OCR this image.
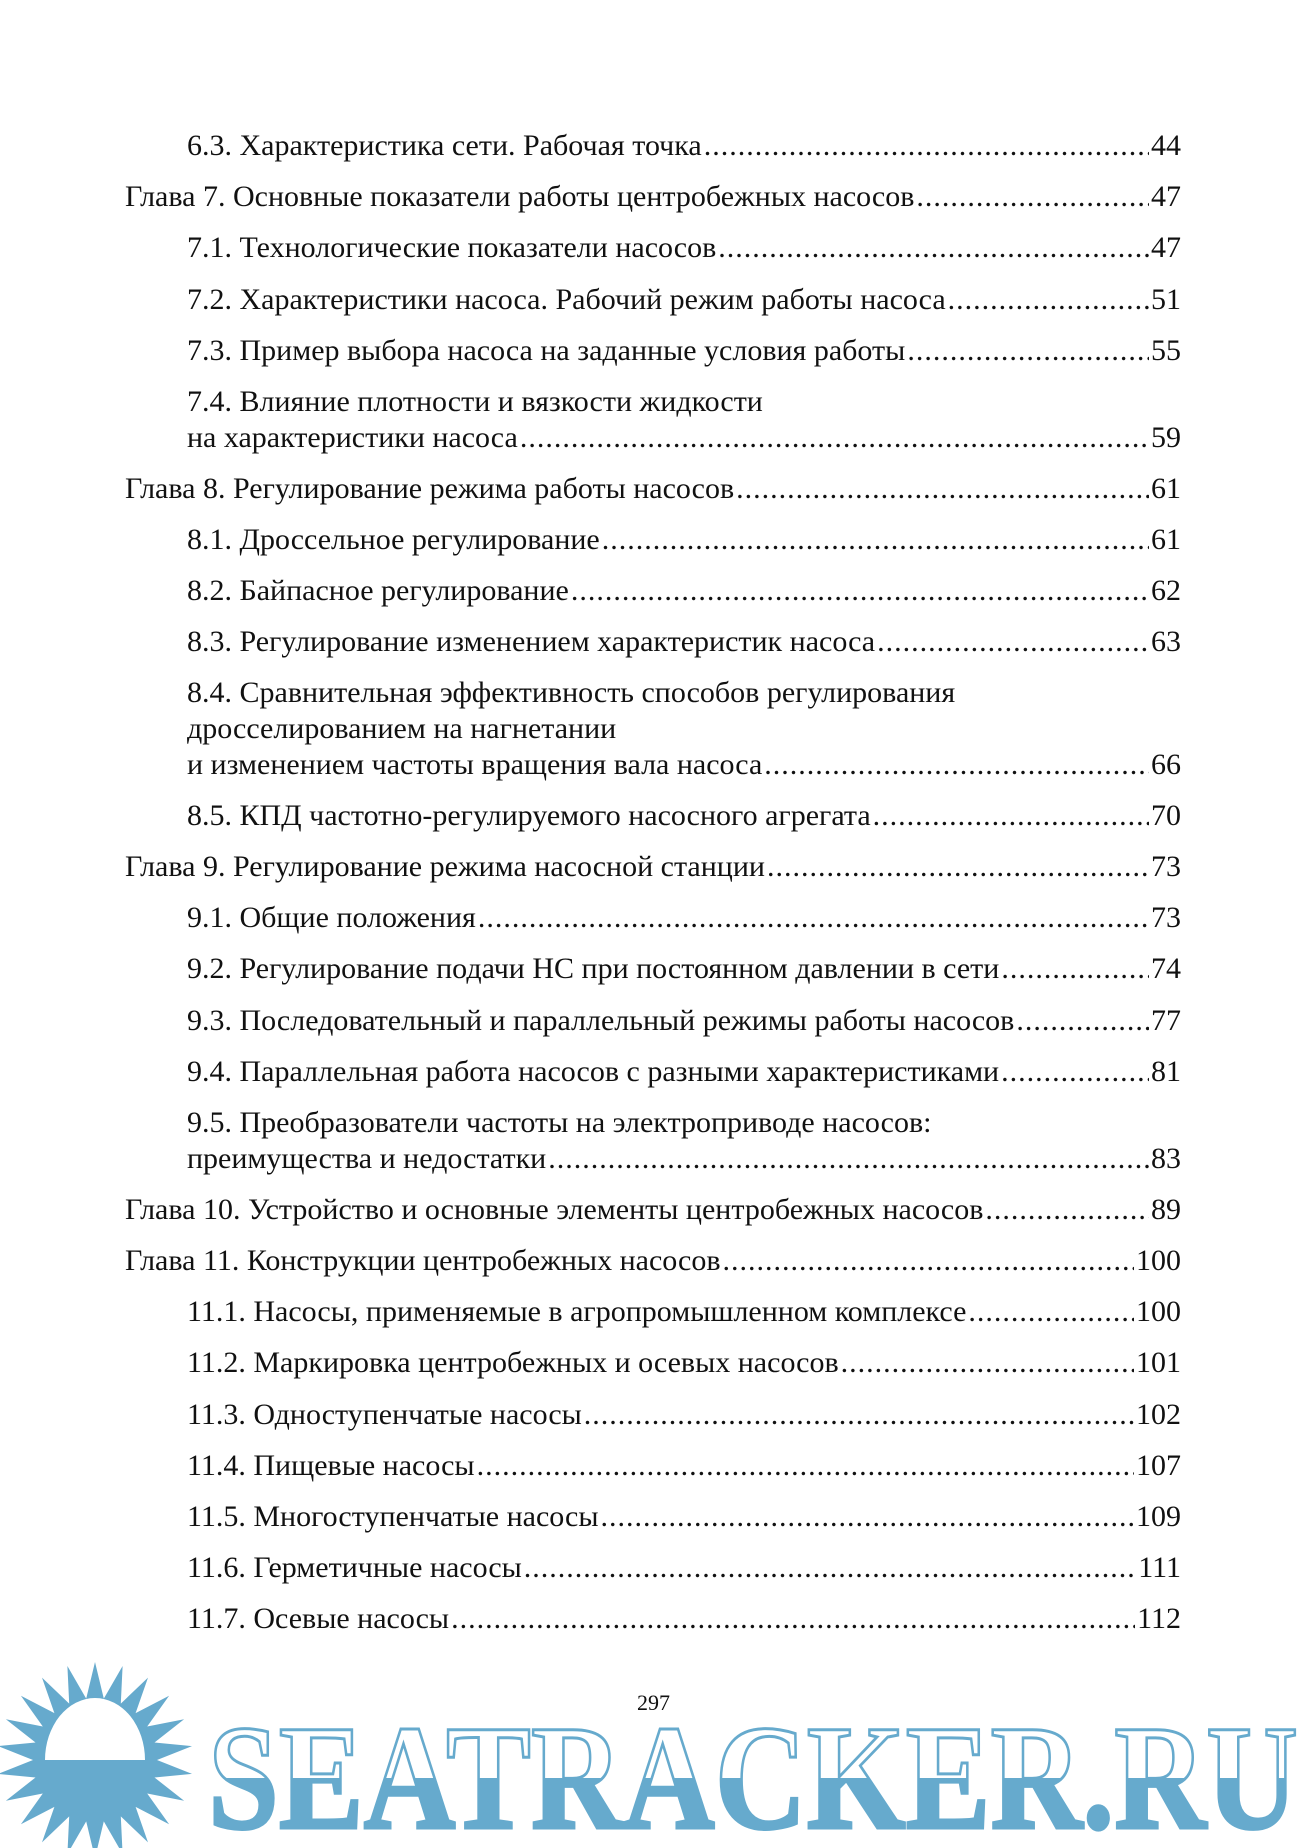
6.3. Характеристика сети. Рабочая точка .....	44
Глава 7. Основные показатели работы центробежных насосов .....	47
7.1. Технологические показатели насосов .....	47
7.2. Характеристики насоса. Рабочий режим работы насоса .....	51
7.3. Пример выбора насоса на заданные условия работы .....	55
7.4. Влияние плотности и вязкости жидкости
на характеристики насоса .....	59
Глава 8. Регулирование режима работы насосов .....	61
8.1. Дроссельное регулирование .....	61
8.2. Байпасное регулирование .....	62
8.3. Регулирование изменением характеристик насоса .....	63
8.4. Сравнительная эффективность способов регулирования
дросселированием на нагнетании
и изменением частоты вращения вала насоса .....	66
8.5. КПД частотно-регулируемого насосного агрегата .....	70
Глава 9. Регулирование режима насосной станции .....	73
9.1. Общие положения .....	73
9.2. Регулирование подачи НС при постоянном давлении в сети .....	74
9.3. Последовательный и параллельный режимы работы насосов .....	77
9.4. Параллельная работа насосов с разными характеристиками .....	81
9.5. Преобразователи частоты на электроприводе насосов:
преимущества и недостатки .....	83
Глава 10. Устройство и основные элементы центробежных насосов .....	89
Глава 11. Конструкции центробежных насосов .....	100
11.1. Насосы, применяемые в агропромышленном комплексе .....	100
11.2. Маркировка центробежных и осевых насосов .....	101
11.3. Одноступенчатые насосы .....	102
11.4. Пищевые насосы .....	107
11.5. Многоступенчатые насосы .....	109
11.6. Герметичные насосы .....	111
11.7. Осевые насосы .....	112
297
SEATRACKER.RU
